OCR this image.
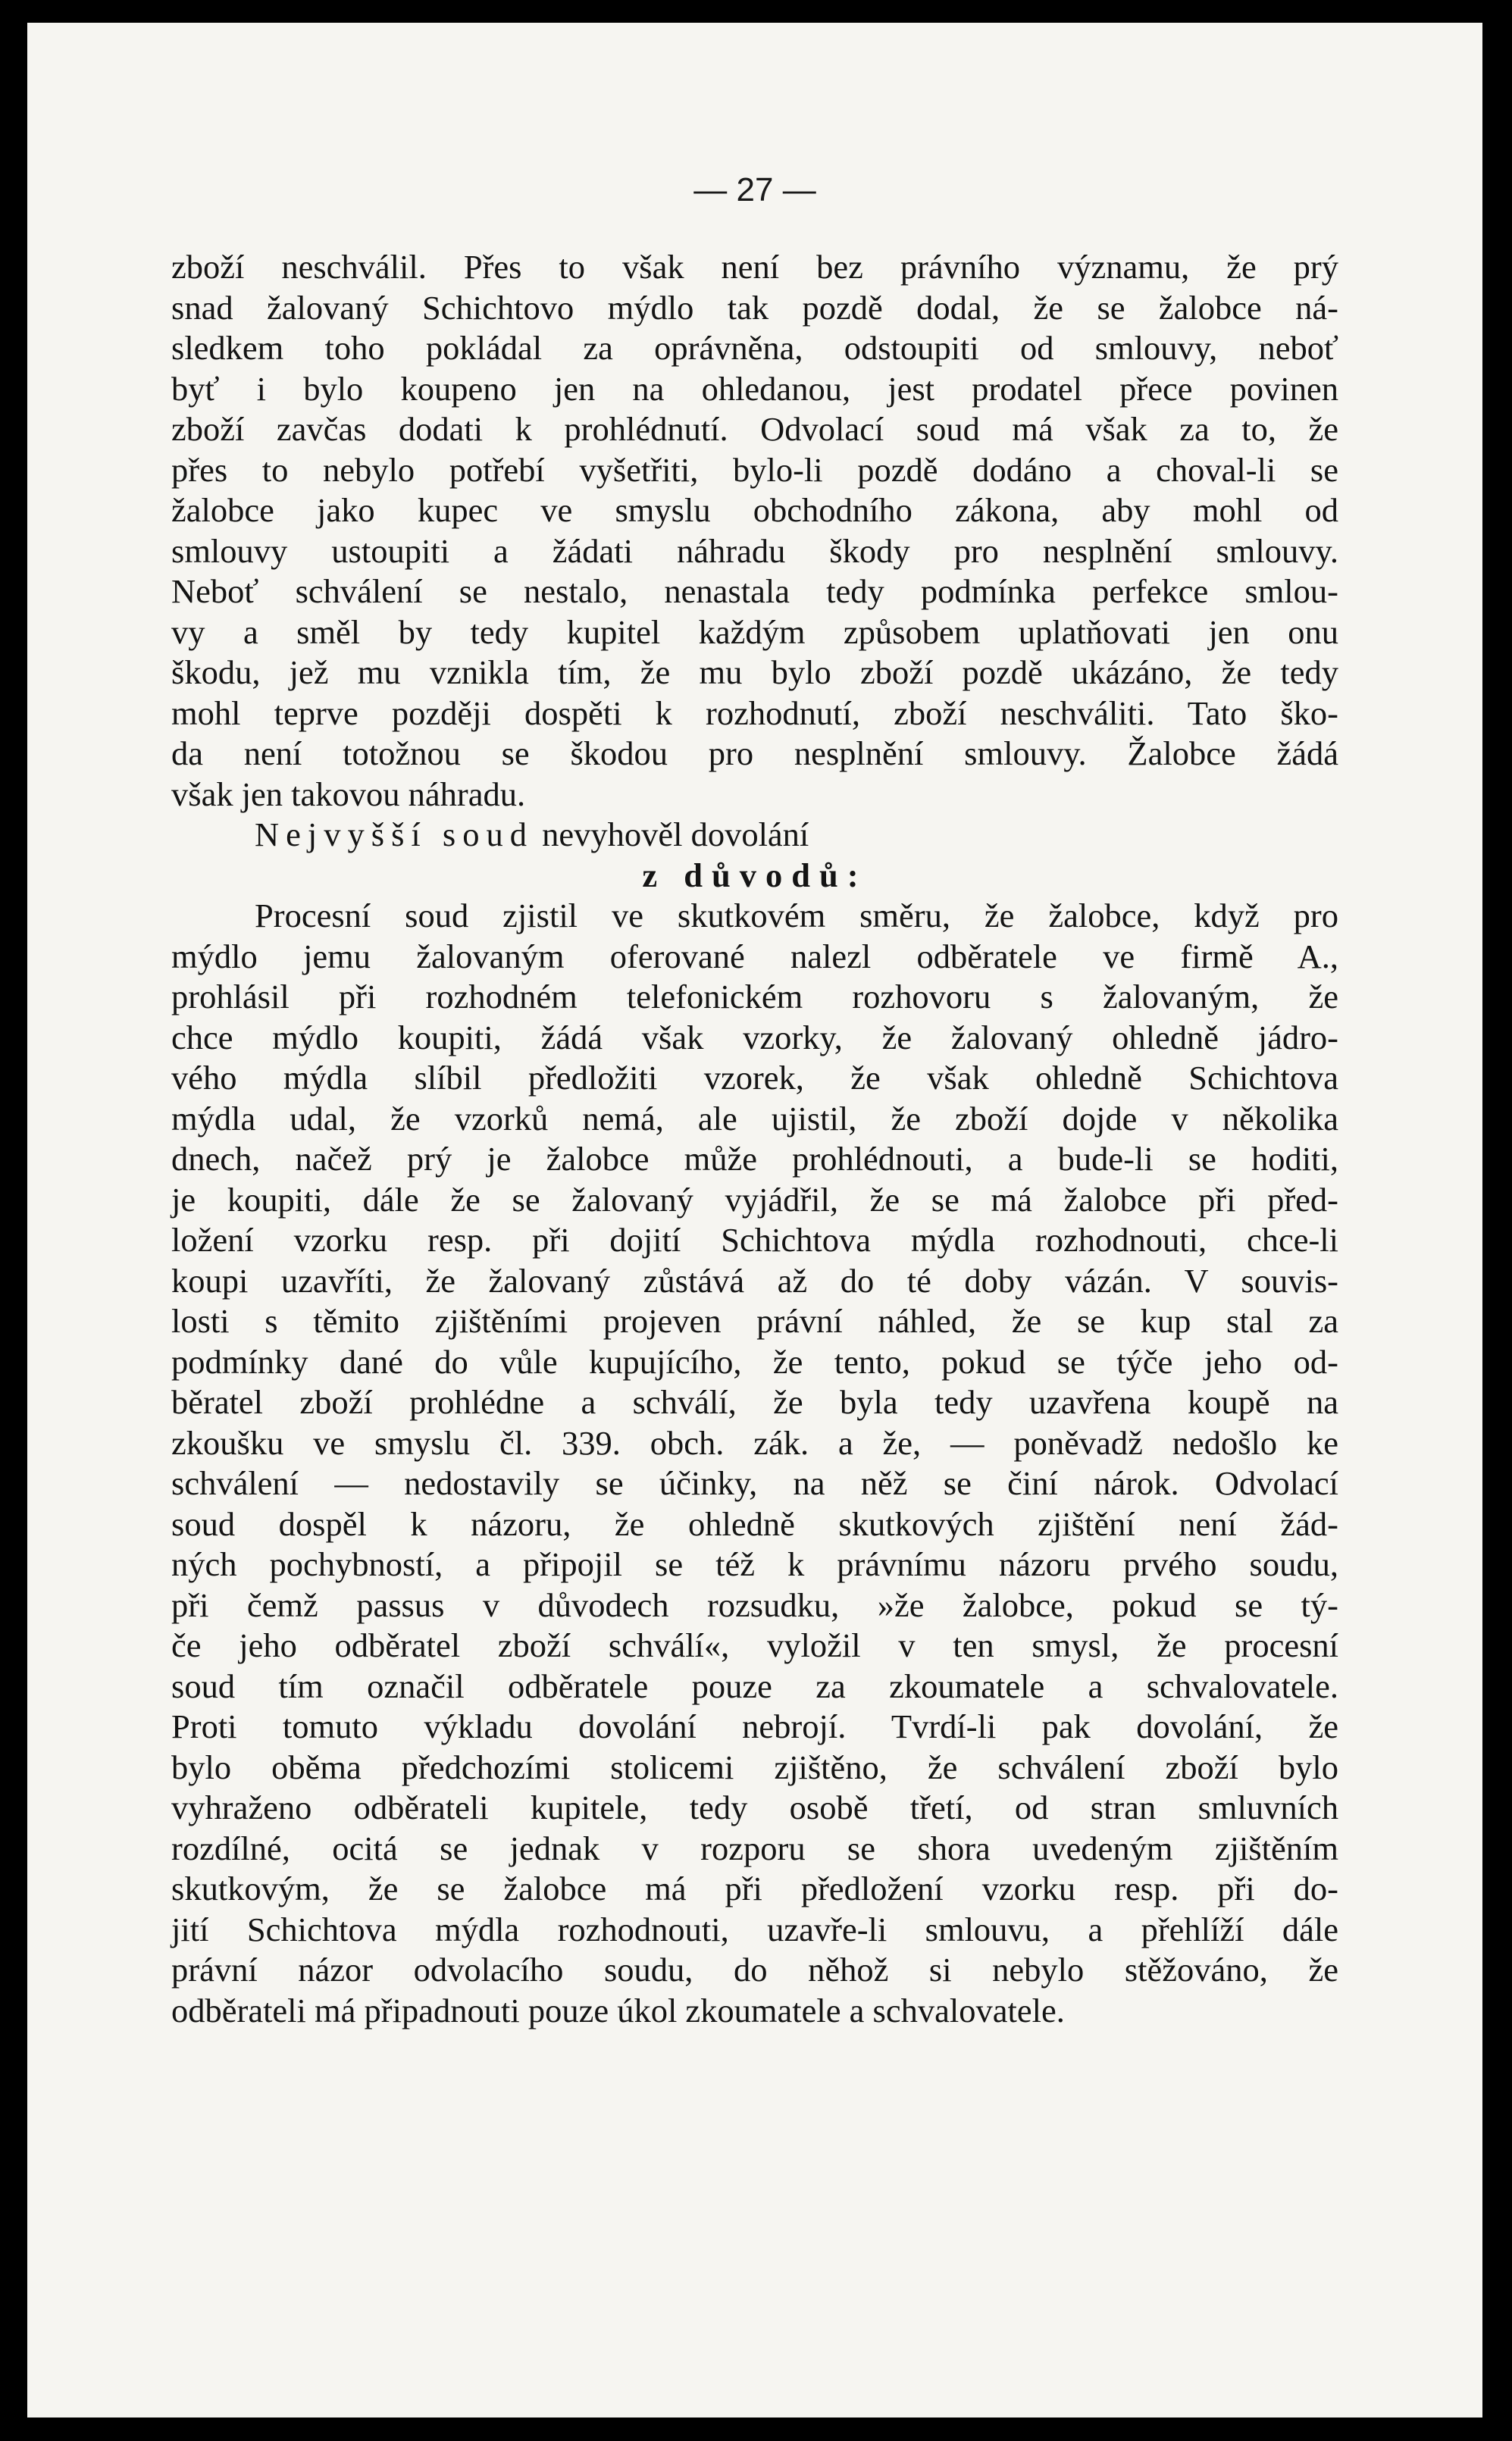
— 27 —
zboží neschválil. Přes to však není bez právního významu, že prý
snad žalovaný Schichtovo mýdlo tak pozdě dodal, že se žalobce ná-
sledkem toho pokládal za oprávněna, odstoupiti od smlouvy, neboť
byť i bylo koupeno jen na ohledanou, jest prodatel přece povinen
zboží zavčas dodati k prohlédnutí. Odvolací soud má však za to, že
přes to nebylo potřebí vyšetřiti, bylo-li pozdě dodáno a choval-li se
žalobce jako kupec ve smyslu obchodního zákona, aby mohl od
smlouvy ustoupiti a žádati náhradu škody pro nesplnění smlouvy.
Neboť schválení se nestalo, nenastala tedy podmínka perfekce smlou-
vy a směl by tedy kupitel každým způsobem uplatňovati jen onu
škodu, jež mu vznikla tím, že mu bylo zboží pozdě ukázáno, že tedy
mohl teprve později dospěti k rozhodnutí, zboží neschváliti. Tato ško-
da není totožnou se škodou pro nesplnění smlouvy. Žalobce žádá
však jen takovou náhradu.
Nejvyšší soud nevyhověl dovolání
z důvodů:
Procesní soud zjistil ve skutkovém směru, že žalobce, když pro
mýdlo jemu žalovaným oferované nalezl odběratele ve firmě A.,
prohlásil při rozhodném telefonickém rozhovoru s žalovaným, že
chce mýdlo koupiti, žádá však vzorky, že žalovaný ohledně jádro-
vého mýdla slíbil předložiti vzorek, že však ohledně Schichtova
mýdla udal, že vzorků nemá, ale ujistil, že zboží dojde v několika
dnech, načež prý je žalobce může prohlédnouti, a bude-li se hoditi,
je koupiti, dále že se žalovaný vyjádřil, že se má žalobce při před-
ložení vzorku resp. při dojití Schichtova mýdla rozhodnouti, chce-li
koupi uzavříti, že žalovaný zůstává až do té doby vázán. V souvis-
losti s těmito zjištěními projeven právní náhled, že se kup stal za
podmínky dané do vůle kupujícího, že tento, pokud se týče jeho od-
běratel zboží prohlédne a schválí, že byla tedy uzavřena koupě na
zkoušku ve smyslu čl. 339. obch. zák. a že, — poněvadž nedošlo ke
schválení — nedostavily se účinky, na něž se činí nárok. Odvolací
soud dospěl k názoru, že ohledně skutkových zjištění není žád-
ných pochybností, a připojil se též k právnímu názoru prvého soudu,
při čemž passus v důvodech rozsudku, »že žalobce, pokud se tý-
če jeho odběratel zboží schválí«, vyložil v ten smysl, že procesní
soud tím označil odběratele pouze za zkoumatele a schvalovatele.
Proti tomuto výkladu dovolání nebrojí. Tvrdí-li pak dovolání, že
bylo oběma předchozími stolicemi zjištěno, že schválení zboží bylo
vyhraženo odběrateli kupitele, tedy osobě třetí, od stran smluvních
rozdílné, ocitá se jednak v rozporu se shora uvedeným zjištěním
skutkovým, že se žalobce má při předložení vzorku resp. při do-
jití Schichtova mýdla rozhodnouti, uzavře-li smlouvu, a přehlíží dále
právní názor odvolacího soudu, do něhož si nebylo stěžováno, že
odběrateli má připadnouti pouze úkol zkoumatele a schvalovatele.
